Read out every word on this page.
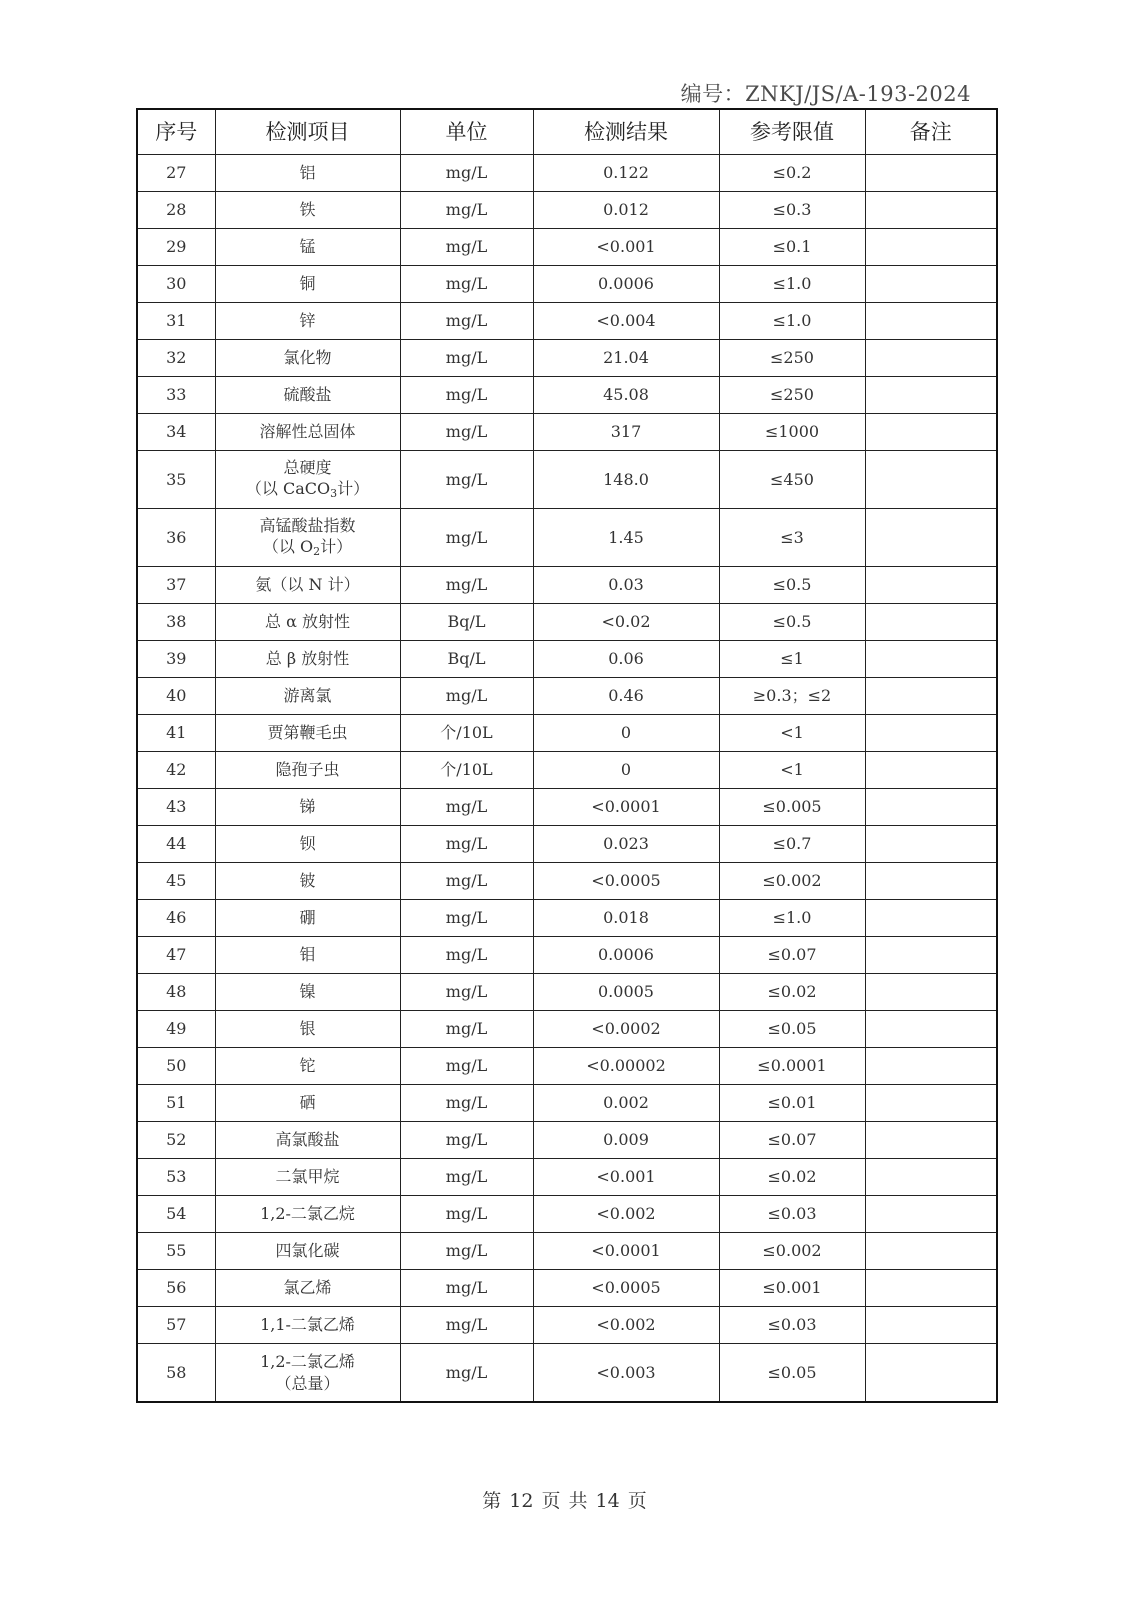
编号：ZNKJ/JS/A-193-2024
序号	检测项目	单位	检测结果	参考限值	备注
27	铝	mg/L	0.122	≤0.2	
28	铁	mg/L	0.012	≤0.3	
29	锰	mg/L	<0.001	≤0.1	
30	铜	mg/L	0.0006	≤1.0	
31	锌	mg/L	<0.004	≤1.0	
32	氯化物	mg/L	21.04	≤250	
33	硫酸盐	mg/L	45.08	≤250	
34	溶解性总固体	mg/L	317	≤1000	
35	总硬度
（以 CaCO$_3$计）	mg/L	148.0	≤450	
36	高锰酸盐指数
（以 $O_2$计）	mg/L	1.45	≤3	
37	氨（以 N 计）	mg/L	0.03	≤0.5	
38	总 α 放射性	Bq/L	<0.02	≤0.5	
39	总 β 放射性	Bq/L	0.06	≤1	
40	游离氯	mg/L	0.46	≥0.3；≤2	
41	贾第鞭毛虫	个/10L	0	<1	
42	隐孢子虫	个/10L	0	<1	
43	锑	mg/L	<0.0001	≤0.005	
44	钡	mg/L	0.023	≤0.7	
45	铍	mg/L	<0.0005	≤0.002	
46	硼	mg/L	0.018	≤1.0	
47	钼	mg/L	0.0006	≤0.07	
48	镍	mg/L	0.0005	≤0.02	
49	银	mg/L	<0.0002	≤0.05	
50	铊	mg/L	<0.00002	≤0.0001	
51	硒	mg/L	0.002	≤0.01	
52	高氯酸盐	mg/L	0.009	≤0.07	
53	二氯甲烷	mg/L	<0.001	≤0.02	
54	1,2-二氯乙烷	mg/L	<0.002	≤0.03	
55	四氯化碳	mg/L	<0.0001	≤0.002	
56	氯乙烯	mg/L	<0.0005	≤0.001	
57	1,1-二氯乙烯	mg/L	<0.002	≤0.03	
58	1,2-二氯乙烯
（总量）	mg/L	<0.003	≤0.05	
第 12 页 共 14 页
